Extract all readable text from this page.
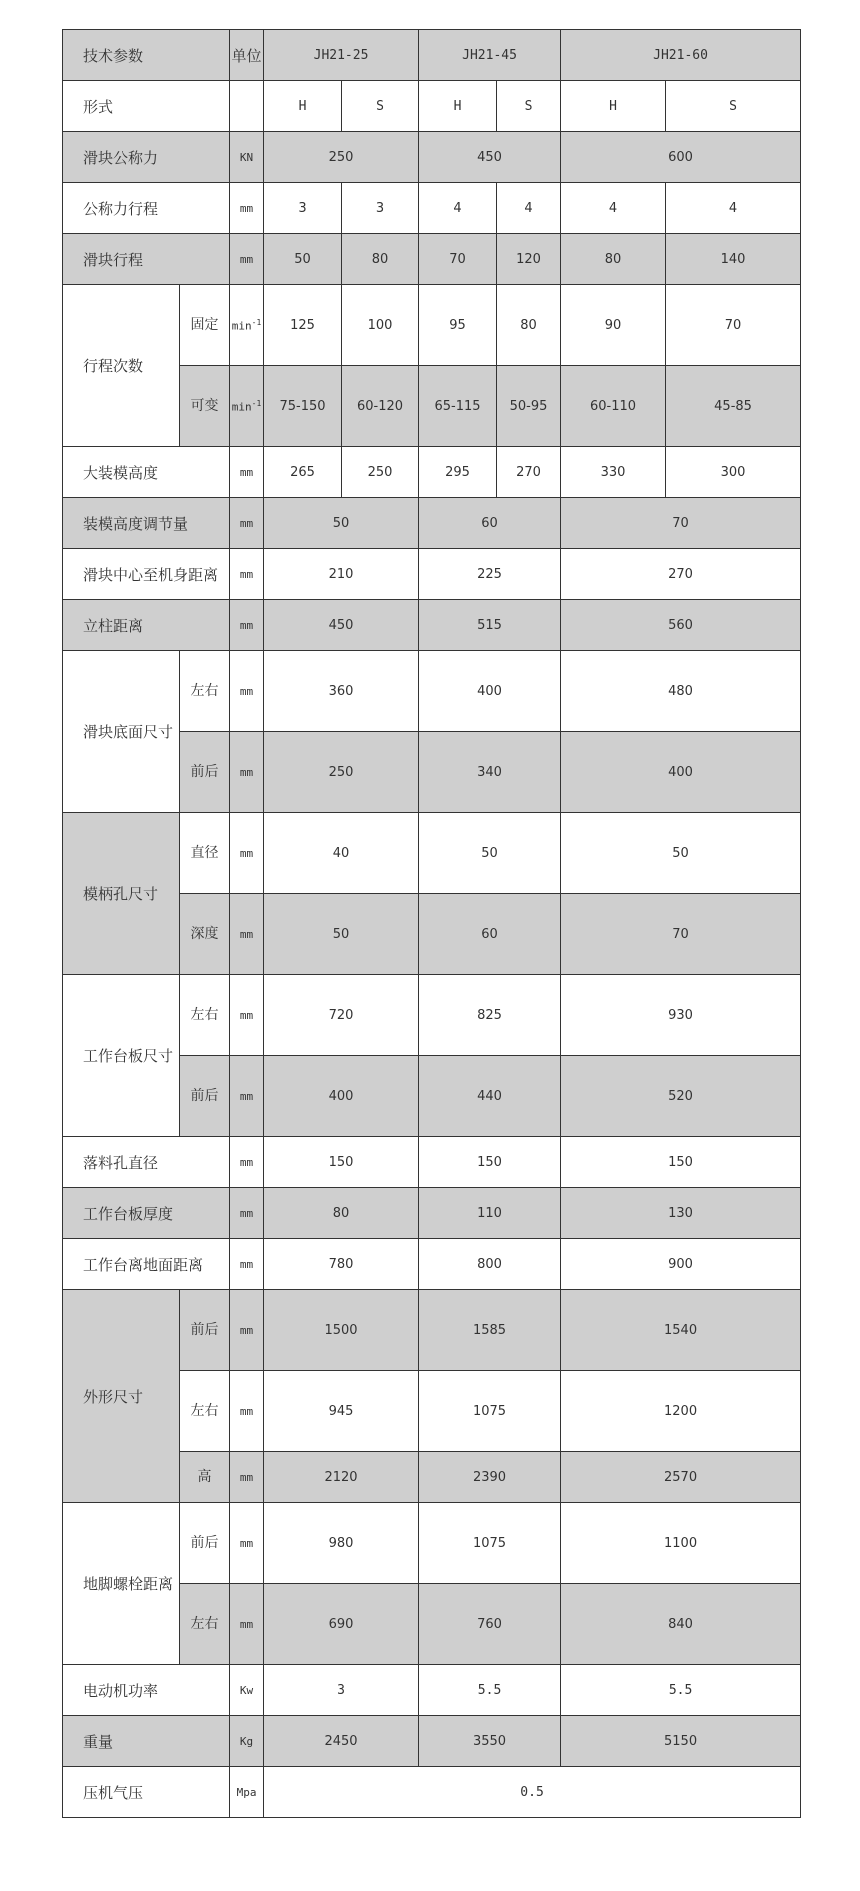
技术参数		单位	JH21-25		JH21-45		JH21-60	
形式			H	S	H	S	H	S
滑块公称力		KN	250		450		600	
公称力行程		mm	3	3	4	4	4	4
滑块行程		mm	50	80	70	120	80	140
行程次数	固定	$\min^{-1}$	125	100	95	80	90	70
	可变	$\min^{-1}$	75-150	60-120	65-115	50-95	60-110	45-85
大装模高度		mm	265	250	295	270	330	300
装模高度调节量		mm	50		60		70	
滑块中心至机身距离		mm	210		225		270	
立柱距离		mm	450		515		560	
滑块底面尺寸	左右	mm	360		400		480	
	前后	mm	250		340		400	
模柄孔尺寸	直径	mm	40		50		50	
	深度	mm	50		60		70	
工作台板尺寸	左右	mm	720		825		930	
	前后	mm	400		440		520	
落料孔直径		mm	150		150		150	
工作台板厚度		mm	80		110		130	
工作台离地面距离		mm	780		800		900	
外形尺寸	前后	mm	1500		1585		1540	
	左右	mm	945		1075		1200	
	高	mm	2120		2390		2570	
地脚螺栓距离	前后	mm	980		1075		1100	
	左右	mm	690		760		840	
电动机功率		Kw	3		5.5		5.5	
重量		Kg	2450		3550		5150	
压机气压		Mpa	0.5					
